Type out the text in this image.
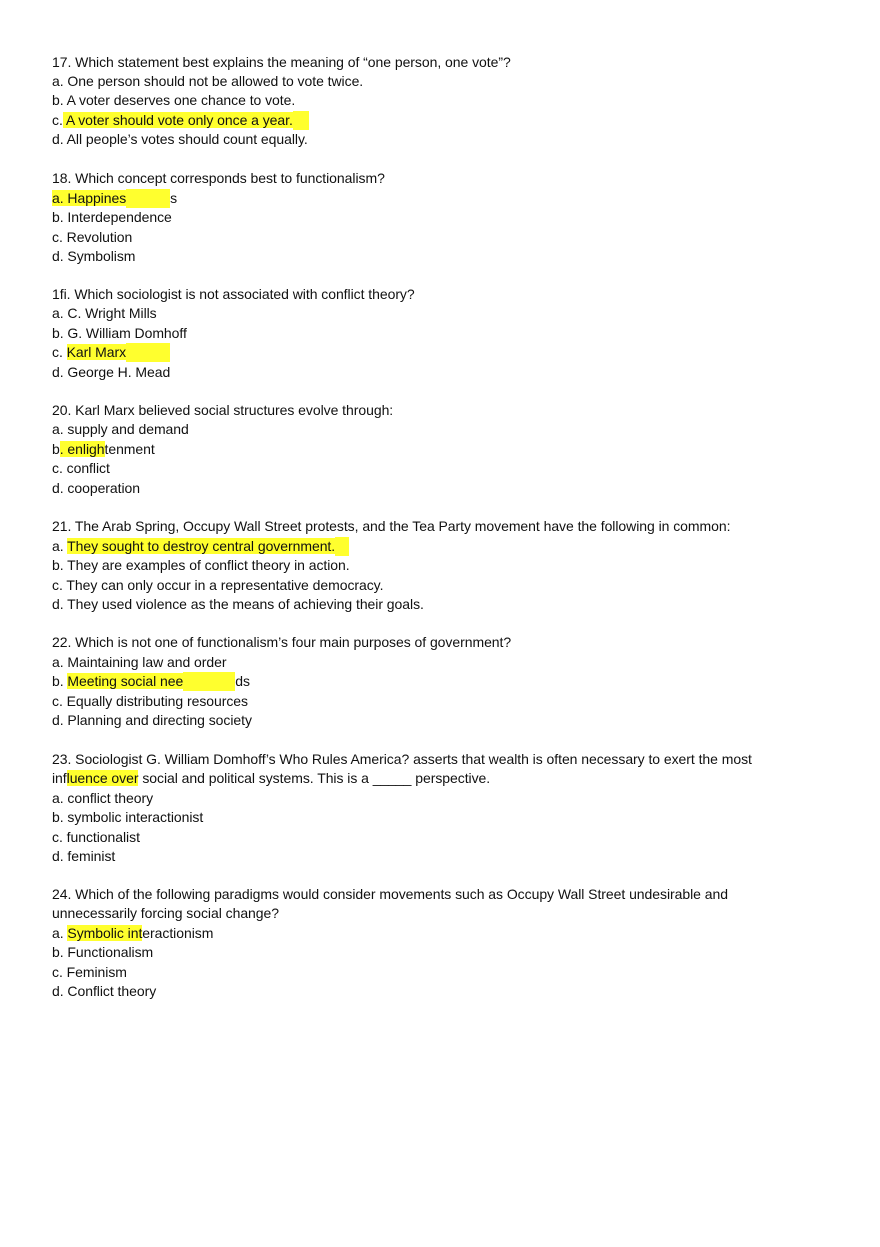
17. Which statement best explains the meaning of “one person, one vote”?
a. One person should not be allowed to vote twice.
b. A voter deserves one chance to vote.
c. A voter should vote only once a year.
d. All people’s votes should count equally.
18. Which concept corresponds best to functionalism?
a. Happines	s
b. Interdependence
c. Revolution
d. Symbolism
1fi. Which sociologist is not associated with conflict theory?
a. C. Wright Mills
b. G. William Domhoff
c. Karl Marx
d. George H. Mead
20. Karl Marx believed social structures evolve through:
a. supply and demand
b. enlightenment
c. conflict
d. cooperation
21. The Arab Spring, Occupy Wall Street protests, and the Tea Party movement have the following in common:
a. They sought to destroy central government.
b. They are examples of conflict theory in action.
c. They can only occur in a representative democracy.
d. They used violence as the means of achieving their goals.
22. Which is not one of functionalism’s four main purposes of government?
a. Maintaining law and order
b. Meeting social nee	ds
c. Equally distributing resources
d. Planning and directing society
23. Sociologist G. William Domhoff’s Who Rules America? asserts that wealth is often necessary to exert the most
influence over social and political systems. This is a _____ perspective.
a. conflict theory
b. symbolic interactionist
c. functionalist
d. feminist
24. Which of the following paradigms would consider movements such as Occupy Wall Street undesirable and
unnecessarily forcing social change?
a. Symbolic interactionism
b. Functionalism
c. Feminism
d. Conflict theory
